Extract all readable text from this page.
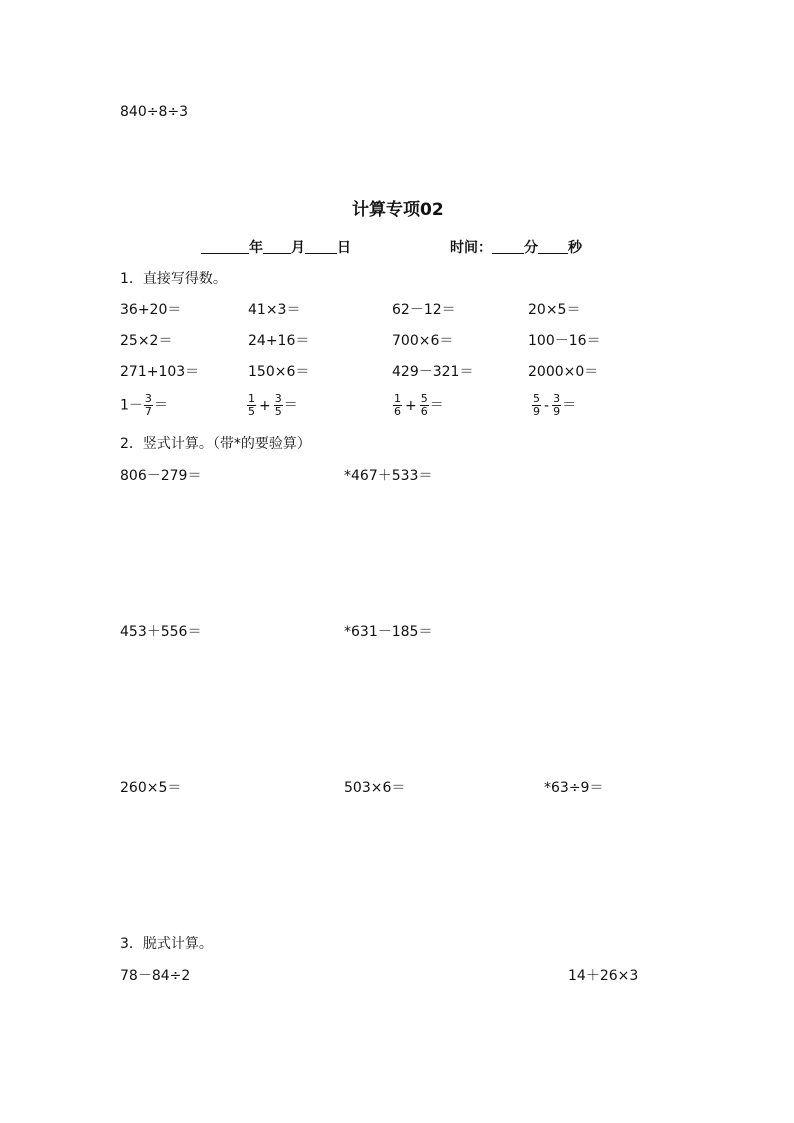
840÷8÷3
计算专项02
年 月 日	时间： 分 秒
1．直接写得数。
36+20＝	41×3＝	62－12＝	20×5＝
25×2＝	24+16＝	700×6＝	100－16＝
271+103＝	150×6＝	429－321＝	2000×0＝
$1- \frac{3}{7}$ ＝	$\frac{1}{5} + \frac{3}{5}$ ＝	$\frac{1}{6} + \frac{5}{6}$ ＝	$\frac{5}{9} - \frac{3}{9}$ ＝
2．竖式计算。（带*的要验算）
806－279＝	*467＋533＝
453＋556＝	*631－185＝
260×5＝	503×6＝	*63÷9＝
3．脱式计算。
78－84÷2	14＋26×3
